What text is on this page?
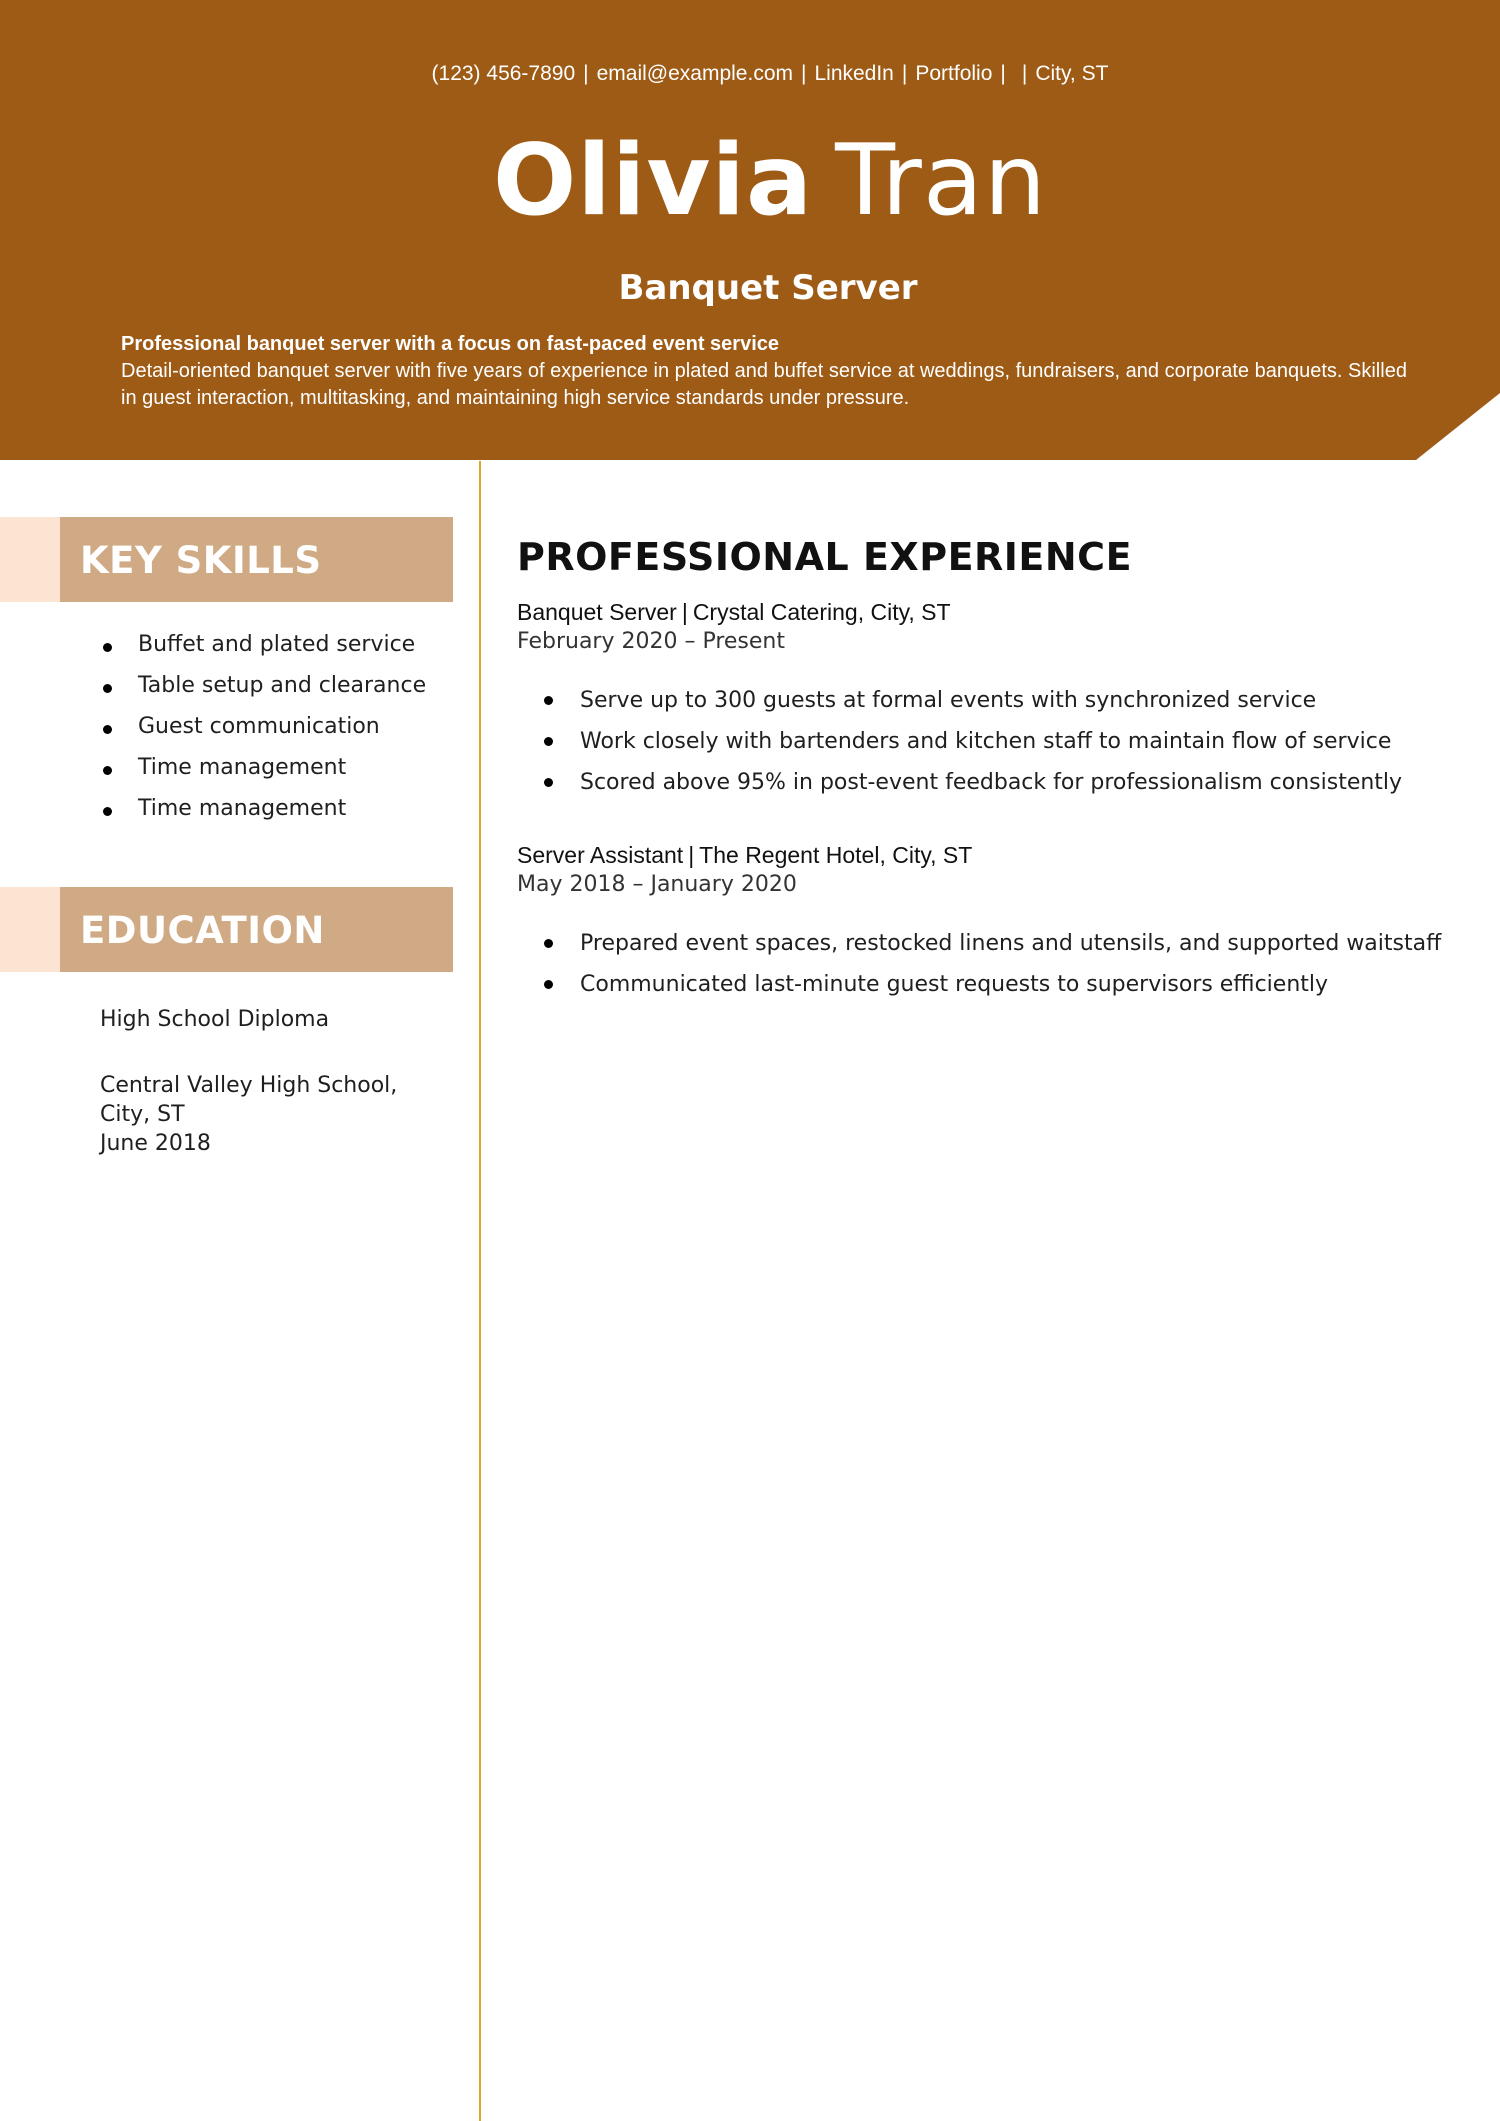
(123) 456-7890 | email@example.com | LinkedIn | Portfolio | | City, ST
Olivia Tran
Banquet Server
Professional banquet server with a focus on fast-paced event service
Detail-oriented banquet server with five years of experience in plated and buffet service at weddings, fundraisers, and corporate banquets. Skilled in guest interaction, multitasking, and maintaining high service standards under pressure.
KEY SKILLS
Buffet and plated service
Table setup and clearance
Guest communication
Time management
Time management
EDUCATION
High School Diploma
Central Valley High School, City, ST
June 2018
PROFESSIONAL EXPERIENCE
Banquet Server | Crystal Catering, City, ST
February 2020 – Present
Serve up to 300 guests at formal events with synchronized service
Work closely with bartenders and kitchen staff to maintain flow of service
Scored above 95% in post-event feedback for professionalism consistently
Server Assistant | The Regent Hotel, City, ST
May 2018 – January 2020
Prepared event spaces, restocked linens and utensils, and supported waitstaff
Communicated last-minute guest requests to supervisors efficiently
